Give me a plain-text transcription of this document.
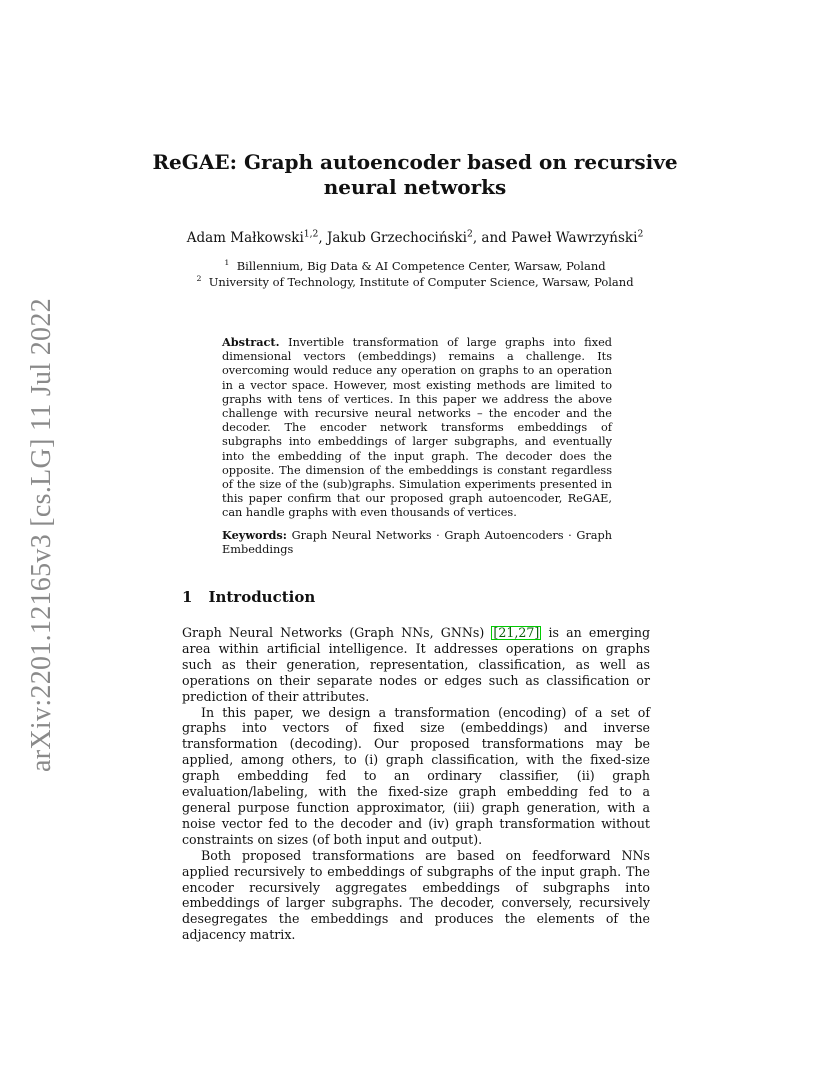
arXiv:2201.12165v3 [cs.LG] 11 Jul 2022
ReGAE: Graph autoencoder based on recursive
neural networks
Adam Małkowski$^{1,2}$, Jakub Grzechociński$^2$, and Paweł Wawrzyński$^2$
$^1$ Billennium, Big Data & AI Competence Center, Warsaw, Poland
$^2$ University of Technology, Institute of Computer Science, Warsaw, Poland
Abstract. Invertible transformation of large graphs into fixed dimensional vectors (embeddings) remains a challenge. Its overcoming would reduce any operation on graphs to an operation in a vector space. However, most existing methods are limited to graphs with tens of vertices. In this paper we address the above challenge with recursive neural networks – the encoder and the decoder. The encoder network transforms embeddings of subgraphs into embeddings of larger subgraphs, and eventually into the embedding of the input graph. The decoder does the opposite. The dimension of the embeddings is constant regardless of the size of the (sub)graphs. Simulation experiments presented in this paper confirm that our proposed graph autoencoder, ReGAE, can handle graphs with even thousands of vertices.
Keywords: Graph Neural Networks · Graph Autoencoders · Graph Embeddings
1 Introduction

Graph Neural Networks (Graph NNs, GNNs) [21,27] is an emerging area within artificial intelligence. It addresses operations on graphs such as their generation, representation, classification, as well as operations on their separate nodes or edges such as classification or prediction of their attributes.

In this paper, we design a transformation (encoding) of a set of graphs into vectors of fixed size (embeddings) and inverse transformation (decoding). Our proposed transformations may be applied, among others, to (i) graph classification, with the fixed-size graph embedding fed to an ordinary classifier, (ii) graph evaluation/labeling, with the fixed-size graph embedding fed to a general purpose function approximator, (iii) graph generation, with a noise vector fed to the decoder and (iv) graph transformation without constraints on sizes (of both input and output).

Both proposed transformations are based on feedforward NNs applied recursively to embeddings of subgraphs of the input graph. The encoder recursively aggregates embeddings of subgraphs into embeddings of larger subgraphs. The decoder, conversely, recursively desegregates the embeddings and produces the elements of the adjacency matrix.
